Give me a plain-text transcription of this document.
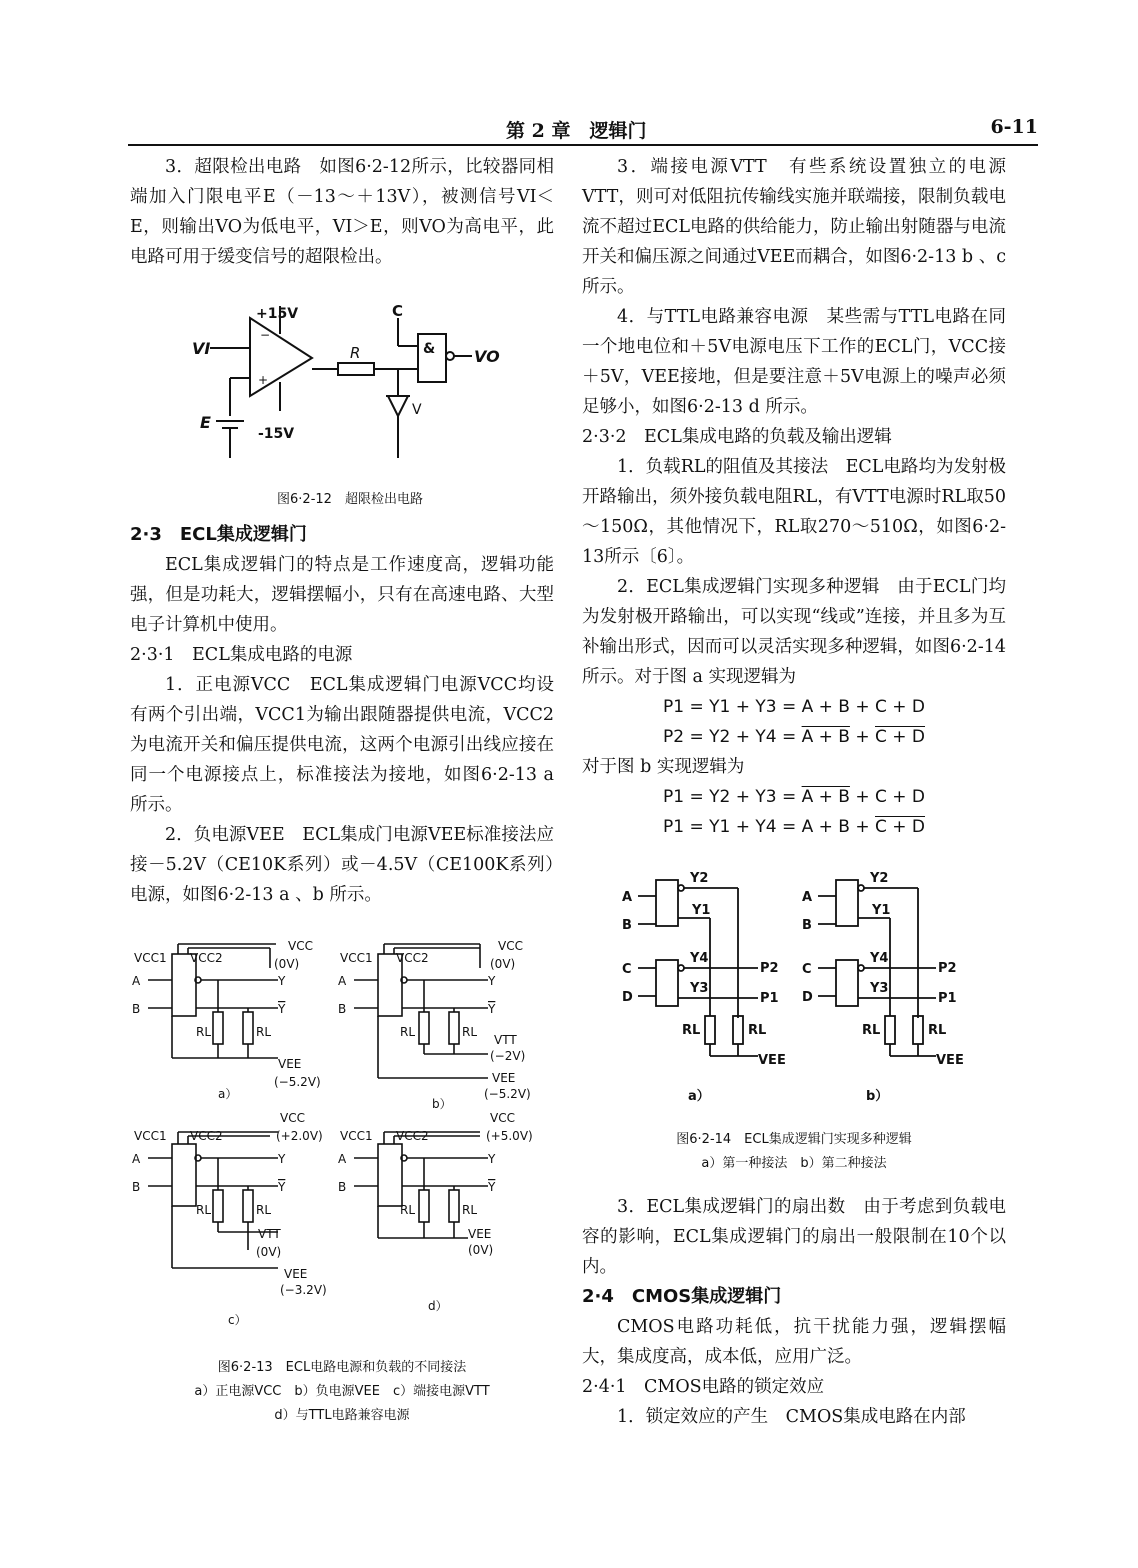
第 2 章　逻辑门	6-11

3．超限检出电路　如图6·2-12所示，比较器同相端加入门限电平E（－13～＋13V），被测信号VI＜E，则输出VO为低电平，VI＞E，则VO为高电平，此电路可用于缓变信号的超限检出。

−
+
+15V
-15V
VI
E
R
C
V
& VO
图6·2-12　超限检出电路

2·3　ECL集成逻辑门

ECL集成逻辑门的特点是工作速度高，逻辑功能强，但是功耗大，逻辑摆幅小，只有在高速电路、大型电子计算机中使用。

2·3·1　ECL集成电路的电源

1．正电源VCC　ECL集成逻辑门电源VCC均设有两个引出端，VCC1为输出跟随器提供电流，VCC2为电流开关和偏压提供电流，这两个电源引出线应接在同一个电源接点上，标准接法为接地，如图6·2-13 a 所示。

2．负电源VEE　ECL集成门电源VEE标准接法应接－5.2V（CE10K系列）或－4.5V（CE100K系列）电源，如图6·2-13 a 、b 所示。

VCC1 VCC2
A
B
Y
Y
RL	RL
VCC
(0V)
VEE
(−5.2V)
a）
VCC1 VCC2
A
B
Y
Y
RL	RL
VCC
(0V)
VTT
(−2V)
VEE
(−5.2V)
b）
VCC1 VCC2
A
B
Y
Y
RL	RL
VCC
(+2.0V)
VTT
(0V)
VEE
(−3.2V)
c）
VCC1 VCC2
A
B
Y
Y
RL	RL
VCC
(+5.0V)
VEE
(0V)
d）
图6·2-13　ECL电路电源和负载的不同接法
a）正电源VCC　b）负电源VEE　c）端接电源VTT
d）与TTL电路兼容电源

3．端接电源VTT　有些系统设置独立的电源VTT，则可对低阻抗传输线实施并联端接，限制负载电流不超过ECL电路的供给能力，防止输出射随器与电流开关和偏压源之间通过VEE而耦合，如图6·2-13 b 、c 所示。

4．与TTL电路兼容电源　某些需与TTL电路在同一个地电位和＋5V电源电压下工作的ECL门，VCC接＋5V，VEE接地，但是要注意＋5V电源上的噪声必须足够小，如图6·2-13 d 所示。

2·3·2　ECL集成电路的负载及输出逻辑

1．负载RL的阻值及其接法　ECL电路均为发射极开路输出，须外接负载电阻RL，有VTT电源时RL取50～150Ω，其他情况下，RL取270～510Ω，如图6·2-13所示〔6〕。

2．ECL集成逻辑门实现多种逻辑　由于ECL门均为发射极开路输出，可以实现“线或”连接，并且多为互补输出形式，因而可以灵活实现多种逻辑，如图6·2-14所示。对于图 a 实现逻辑为

P1 = Y1 + Y3 = A + B + C + D
P2 = Y2 + Y4 = A + B + C + D

对于图 b 实现逻辑为

P1 = Y2 + Y3 = A + B + C + D
P1 = Y1 + Y4 = A + B + C + D
A
B
C
D
Y2
Y1
Y4
Y3
P2
P1
RL	RL
VEE
a）
A
B
C
D
Y2
Y1
Y4
Y3
P2
P1
RL	RL
VEE
b）
图6·2-14　ECL集成逻辑门实现多种逻辑
a）第一种接法　b）第二种接法

3．ECL集成逻辑门的扇出数　由于考虑到负载电容的影响，ECL集成逻辑门的扇出一般限制在10个以内。

2·4　CMOS集成逻辑门

CMOS电路功耗低，抗干扰能力强，逻辑摆幅大，集成度高，成本低，应用广泛。

2·4·1　CMOS电路的锁定效应

1．锁定效应的产生　CMOS集成电路在内部
